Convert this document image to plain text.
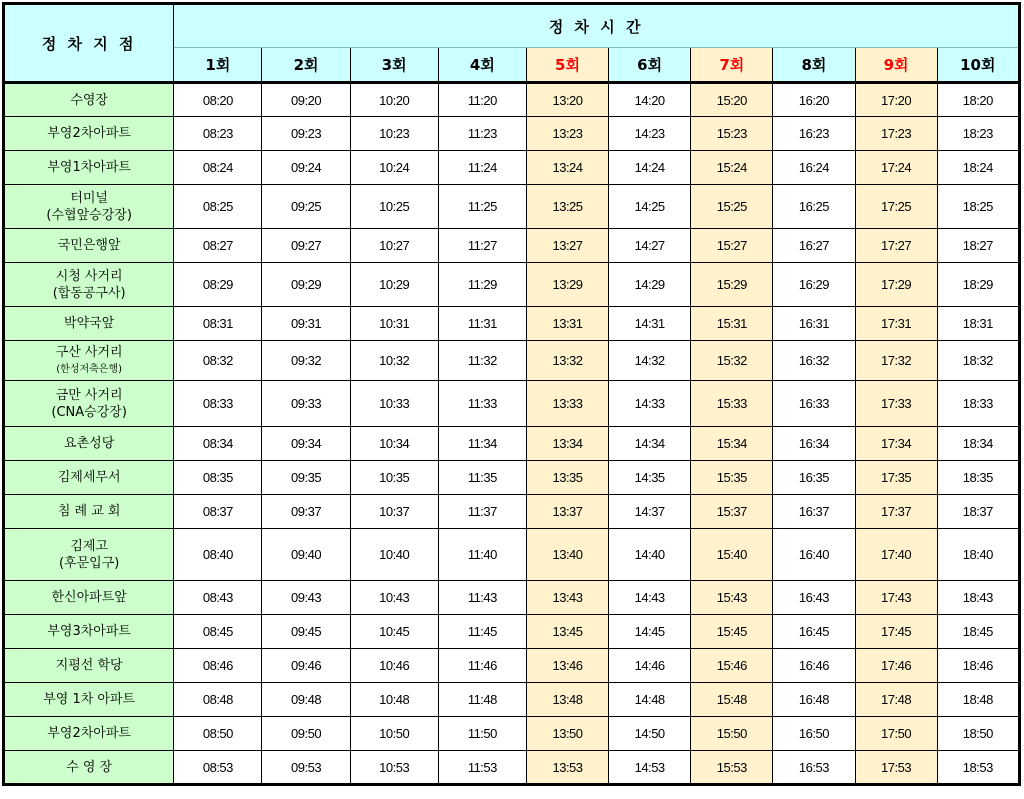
정 차 지 점	정 차 시 간									
	1회	2회	3회	4회	5회	6회	7회	8회	9회	10회

수영장	08:20	09:20	10:20	11:20	13:20	14:20	15:20	16:20	17:20	18:20

부영2차아파트	08:23	09:23	10:23	11:23	13:23	14:23	15:23	16:23	17:23	18:23

부영1차아파트	08:24	09:24	10:24	11:24	13:24	14:24	15:24	16:24	17:24	18:24

터미널
(수협앞승강장)	08:25	09:25	10:25	11:25	13:25	14:25	15:25	16:25	17:25	18:25

국민은행앞	08:27	09:27	10:27	11:27	13:27	14:27	15:27	16:27	17:27	18:27

시청 사거리
(합동공구사)	08:29	09:29	10:29	11:29	13:29	14:29	15:29	16:29	17:29	18:29

박약국앞	08:31	09:31	10:31	11:31	13:31	14:31	15:31	16:31	17:31	18:31

구산 사거리
(한성저축은행)	08:32	09:32	10:32	11:32	13:32	14:32	15:32	16:32	17:32	18:32

금만 사거리
(CNA승강장)	08:33	09:33	10:33	11:33	13:33	14:33	15:33	16:33	17:33	18:33

요촌성당	08:34	09:34	10:34	11:34	13:34	14:34	15:34	16:34	17:34	18:34

김제세무서	08:35	09:35	10:35	11:35	13:35	14:35	15:35	16:35	17:35	18:35

침 례 교 회	08:37	09:37	10:37	11:37	13:37	14:37	15:37	16:37	17:37	18:37

김제고
(후문입구)	08:40	09:40	10:40	11:40	13:40	14:40	15:40	16:40	17:40	18:40

한신아파트앞	08:43	09:43	10:43	11:43	13:43	14:43	15:43	16:43	17:43	18:43

부영3차아파트	08:45	09:45	10:45	11:45	13:45	14:45	15:45	16:45	17:45	18:45

지평선 학당	08:46	09:46	10:46	11:46	13:46	14:46	15:46	16:46	17:46	18:46

부영 1차 아파트	08:48	09:48	10:48	11:48	13:48	14:48	15:48	16:48	17:48	18:48

부영2차아파트	08:50	09:50	10:50	11:50	13:50	14:50	15:50	16:50	17:50	18:50

수 영 장	08:53	09:53	10:53	11:53	13:53	14:53	15:53	16:53	17:53	18:53
